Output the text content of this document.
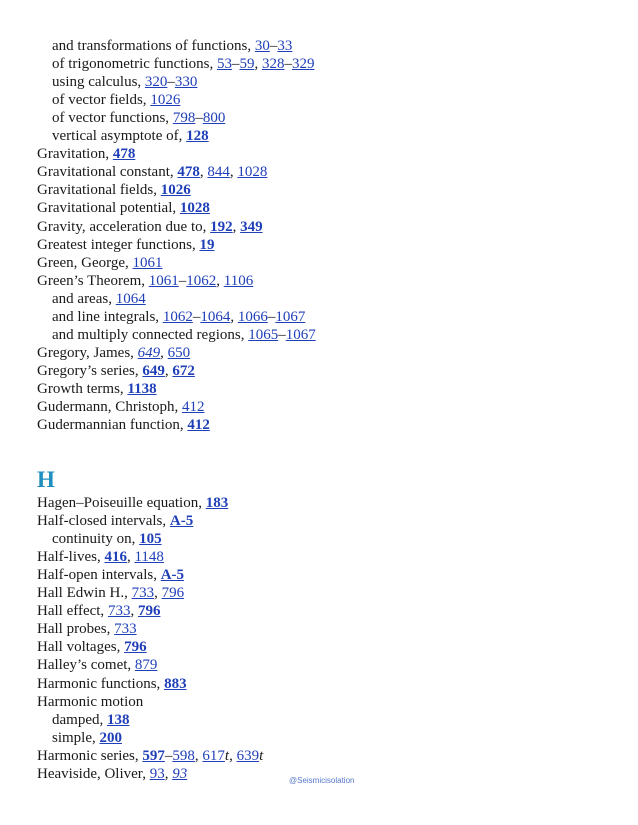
and transformations of functions, 30–33
of trigonometric functions, 53–59, 328–329
using calculus, 320–330
of vector fields, 1026
of vector functions, 798–800
vertical asymptote of, 128
Gravitation, 478
Gravitational constant, 478, 844, 1028
Gravitational fields, 1026
Gravitational potential, 1028
Gravity, acceleration due to, 192, 349
Greatest integer functions, 19
Green, George, 1061
Green’s Theorem, 1061–1062, 1106
and areas, 1064
and line integrals, 1062–1064, 1066–1067
and multiply connected regions, 1065–1067
Gregory, James, 649, 650
Gregory’s series, 649, 672
Growth terms, 1138
Gudermann, Christoph, 412
Gudermannian function, 412
Hagen–Poiseuille equation, 183
Half-closed intervals, A-5
continuity on, 105
Half-lives, 416, 1148
Half-open intervals, A-5
Hall Edwin H., 733, 796
Hall effect, 733, 796
Hall probes, 733
Hall voltages, 796
Halley’s comet, 879
Harmonic functions, 883
Harmonic motion
damped, 138
simple, 200
Harmonic series, 597–598, 617t, 639t
Heaviside, Oliver, 93, 93
H
@Seismicisolation
